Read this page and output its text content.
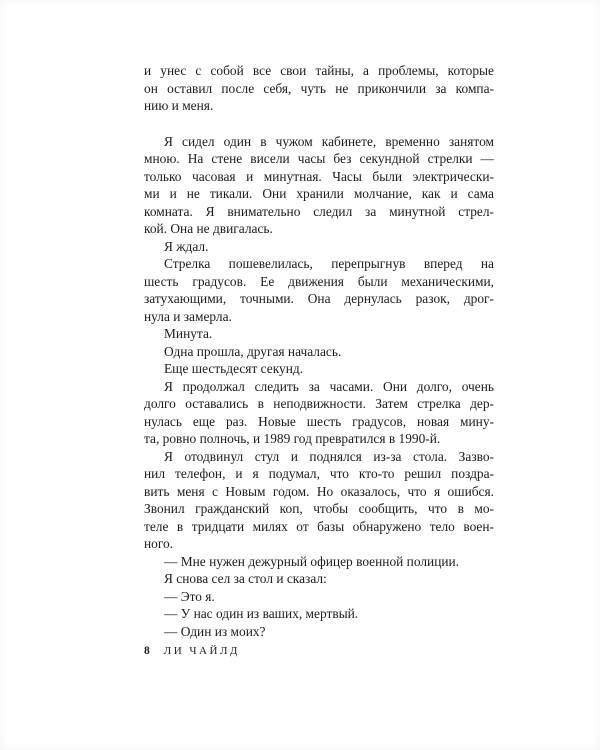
и унес с собой все свои тайны, а проблемы, которые
он оставил после себя, чуть не прикончили за компа-
нию и меня.
Я сидел один в чужом кабинете, временно занятом
мною. На стене висели часы без секундной стрелки —
только часовая и минутная. Часы были электрически-
ми и не тикали. Они хранили молчание, как и сама
комната. Я внимательно следил за минутной стрел-
кой. Она не двигалась.
Я ждал.
Стрелка пошевелилась, перепрыгнув вперед на
шесть градусов. Ее движения были механическими,
затухающими, точными. Она дернулась разок, дрог-
нула и замерла.
Минута.
Одна прошла, другая началась.
Еще шестьдесят секунд.
Я продолжал следить за часами. Они долго, очень
долго оставались в неподвижности. Затем стрелка дер-
нулась еще раз. Новые шесть градусов, новая мину-
та, ровно полночь, и 1989 год превратился в 1990-й.
Я отодвинул стул и поднялся из-за стола. Зазво-
нил телефон, и я подумал, что кто-то решил поздра-
вить меня с Новым годом. Но оказалось, что я ошибся.
Звонил гражданский коп, чтобы сообщить, что в мо-
теле в тридцати милях от базы обнаружено тело воен-
ного.
— Мне нужен дежурный офицер военной полиции.
Я снова сел за стол и сказал:
— Это я.
— У нас один из ваших, мертвый.
— Один из моих?
8 ЛИ ЧАЙЛД
